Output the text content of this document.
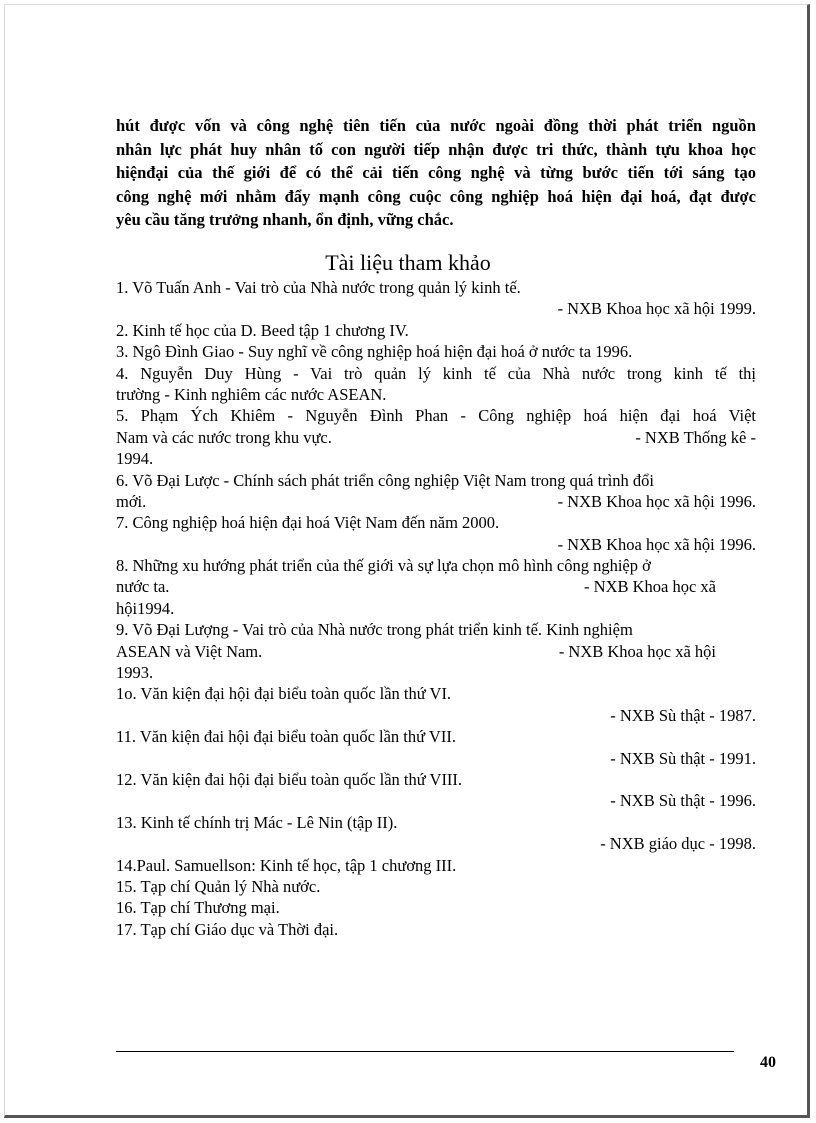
hút được vốn và công nghệ tiên tiến của nước ngoài đồng thời phát triển nguồn
nhân lực phát huy nhân tố con người tiếp nhận được tri thức, thành tựu khoa học
hiệnđại của thế giới để có thể cải tiến công nghệ và từng bước tiến tới sáng tạo
công nghệ mới nhằm đẩy mạnh công cuộc công nghiệp hoá hiện đại hoá, đạt được
yêu cầu tăng trưởng nhanh, ổn định, vững chắc.
Tài liệu tham khảo
1. Võ Tuấn Anh - Vai trò của Nhà nước trong quản lý kinh tế.
- NXB Khoa học xã hội 1999.
2. Kinh tế học của D. Beed tập 1 chương IV.
3. Ngô Đình Giao - Suy nghĩ về công nghiệp hoá hiện đại hoá ở nước ta 1996.
4. Nguyễn Duy Hùng - Vai trò quản lý kinh tế của Nhà nước trong kinh tế thị
trường - Kinh nghiêm các nước ASEAN.
5. Phạm Ých Khiêm - Nguyễn Đình Phan - Công nghiệp hoá hiện đại hoá Việt
Nam và các nước trong khu vực.	- NXB Thống kê -
1994.
6. Võ Đại Lược - Chính sách phát triển công nghiệp Việt Nam trong quá trình đổi
mới.	- NXB Khoa học xã hội 1996.
7. Công nghiệp hoá hiện đại hoá Việt Nam đến năm 2000.
- NXB Khoa học xã hội 1996.
8. Những xu hướng phát triển của thế giới và sự lựa chọn mô hình công nghiệp ở
nước ta.	- NXB Khoa học xã
hội1994.
9. Võ Đại Lượng - Vai trò của Nhà nước trong phát triển kinh tế. Kinh nghiệm
ASEAN và Việt Nam.	- NXB Khoa học xã hội
1993.
1o. Văn kiện đại hội đại biểu toàn quốc lần thứ VI.
- NXB Sù thật - 1987.
11. Văn kiện đai hội đại biểu toàn quốc lần thứ VII.
- NXB Sù thật - 1991.
12. Văn kiện đai hội đại biểu toàn quốc lần thứ VIII.
- NXB Sù thật - 1996.
13. Kinh tế chính trị Mác - Lê Nin (tập II).
- NXB giáo dục - 1998.
14.Paul. Samuellson: Kinh tế học, tập 1 chương III.
15. Tạp chí Quản lý Nhà nước.
16. Tạp chí Thương mại.
17. Tạp chí Giáo dục và Thời đại.
40
